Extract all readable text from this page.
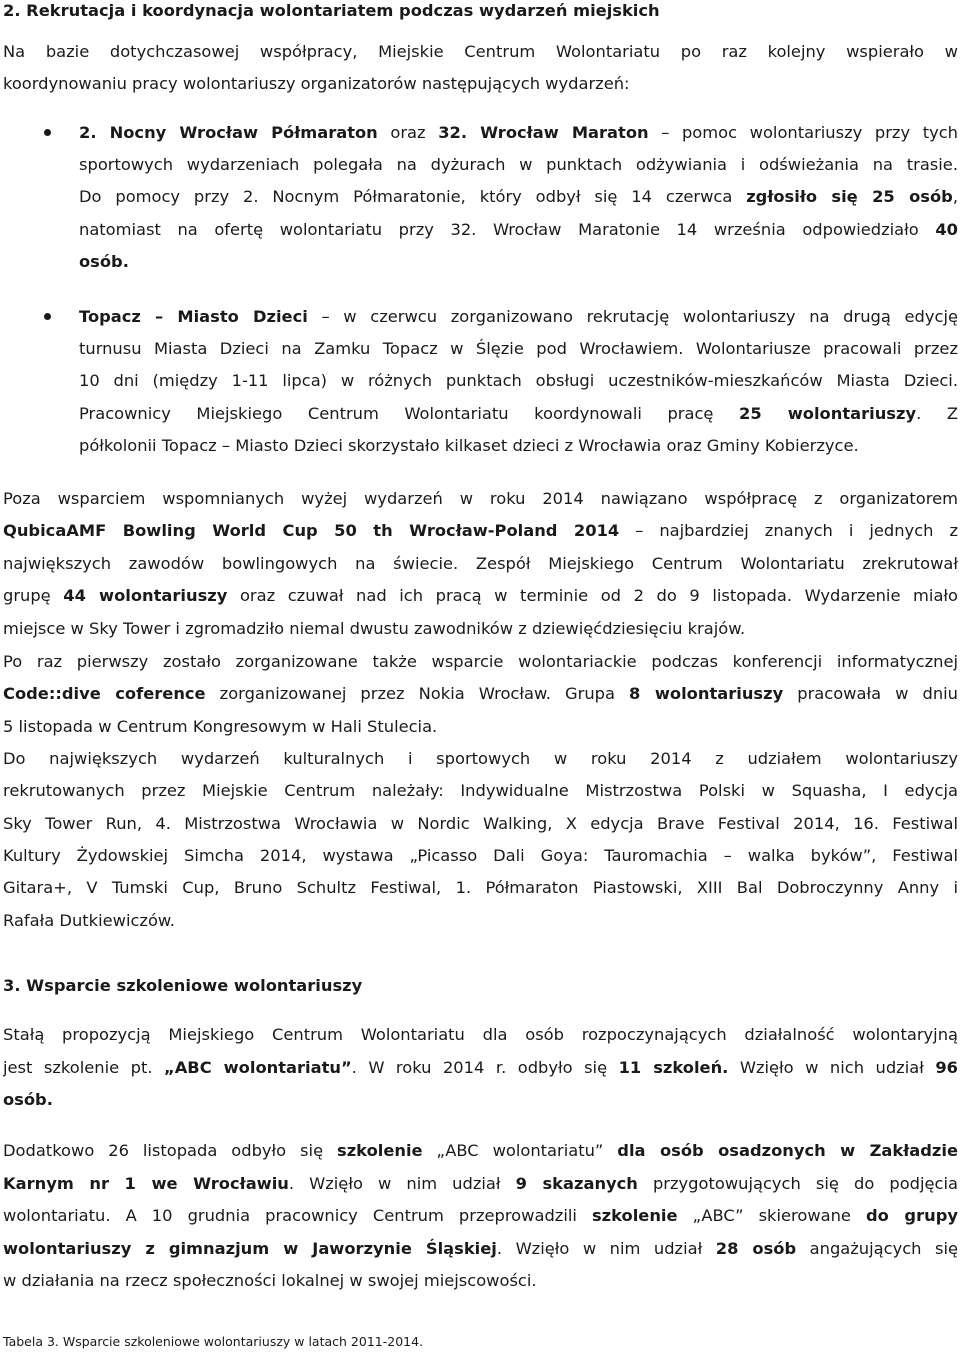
2. Rekrutacja i koordynacja wolontariatem podczas wydarzeń miejskich
Na bazie dotychczasowej współpracy, Miejskie Centrum Wolontariatu po raz kolejny wspierało w
koordynowaniu pracy wolontariuszy organizatorów następujących wydarzeń:
2. Nocny Wrocław Półmaraton oraz 32. Wrocław Maraton – pomoc wolontariuszy przy tych
sportowych wydarzeniach polegała na dyżurach w punktach odżywiania i odświeżania na trasie.
Do pomocy przy 2. Nocnym Półmaratonie, który odbył się 14 czerwca zgłosiło się 25 osób,
natomiast na ofertę wolontariatu przy 32. Wrocław Maratonie 14 września odpowiedziało 40
osób.
Topacz – Miasto Dzieci – w czerwcu zorganizowano rekrutację wolontariuszy na drugą edycję
turnusu Miasta Dzieci na Zamku Topacz w Ślęzie pod Wrocławiem. Wolontariusze pracowali przez
10 dni (między 1-11 lipca) w różnych punktach obsługi uczestników-mieszkańców Miasta Dzieci.
Pracownicy Miejskiego Centrum Wolontariatu koordynowali pracę 25 wolontariuszy. Z
półkolonii Topacz – Miasto Dzieci skorzystało kilkaset dzieci z Wrocławia oraz Gminy Kobierzyce.
Poza wsparciem wspomnianych wyżej wydarzeń w roku 2014 nawiązano współpracę z organizatorem
QubicaAMF Bowling World Cup 50 th Wrocław-Poland 2014 – najbardziej znanych i jednych z
największych zawodów bowlingowych na świecie. Zespół Miejskiego Centrum Wolontariatu zrekrutował
grupę 44 wolontariuszy oraz czuwał nad ich pracą w terminie od 2 do 9 listopada. Wydarzenie miało
miejsce w Sky Tower i zgromadziło niemal dwustu zawodników z dziewięćdziesięciu krajów.
Po raz pierwszy zostało zorganizowane także wsparcie wolontariackie podczas konferencji informatycznej
Code::dive coference zorganizowanej przez Nokia Wrocław. Grupa 8 wolontariuszy pracowała w dniu
5 listopada w Centrum Kongresowym w Hali Stulecia.
Do największych wydarzeń kulturalnych i sportowych w roku 2014 z udziałem wolontariuszy
rekrutowanych przez Miejskie Centrum należały: Indywidualne Mistrzostwa Polski w Squasha, I edycja
Sky Tower Run, 4. Mistrzostwa Wrocławia w Nordic Walking, X edycja Brave Festival 2014, 16. Festiwal
Kultury Żydowskiej Simcha 2014, wystawa „Picasso Dali Goya: Tauromachia – walka byków”, Festiwal
Gitara+, V Tumski Cup, Bruno Schultz Festiwal, 1. Półmaraton Piastowski, XIII Bal Dobroczynny Anny i
Rafała Dutkiewiczów.
3. Wsparcie szkoleniowe wolontariuszy
Stałą propozycją Miejskiego Centrum Wolontariatu dla osób rozpoczynających działalność wolontaryjną
jest szkolenie pt. „ABC wolontariatu”. W roku 2014 r. odbyło się 11 szkoleń. Wzięło w nich udział 96
osób.
Dodatkowo 26 listopada odbyło się szkolenie „ABC wolontariatu” dla osób osadzonych w Zakładzie
Karnym nr 1 we Wrocławiu. Wzięło w nim udział 9 skazanych przygotowujących się do podjęcia
wolontariatu. A 10 grudnia pracownicy Centrum przeprowadzili szkolenie „ABC” skierowane do grupy
wolontariuszy z gimnazjum w Jaworzynie Śląskiej. Wzięło w nim udział 28 osób angażujących się
w działania na rzecz społeczności lokalnej w swojej miejscowości.
Tabela 3. Wsparcie szkoleniowe wolontariuszy w latach 2011-2014.
